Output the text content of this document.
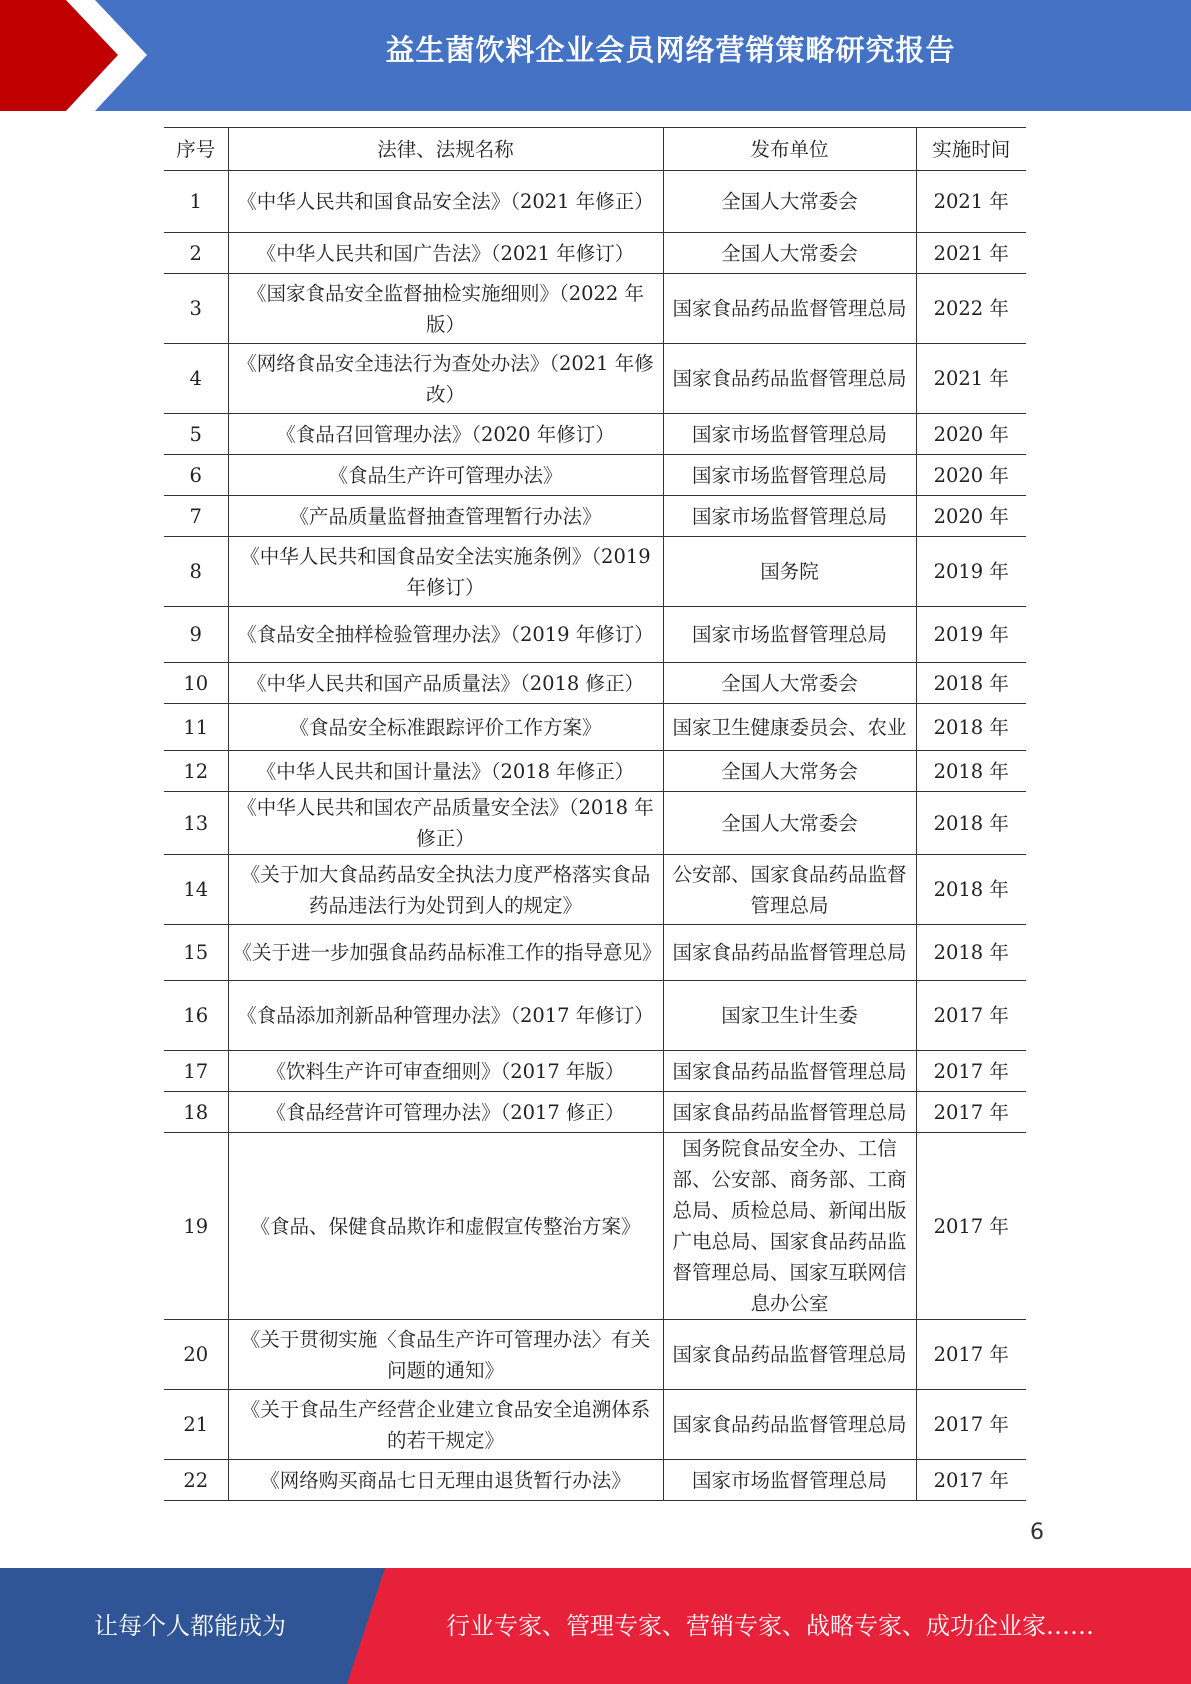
益生菌饮料企业会员网络营销策略研究报告
序号	法律、法规名称	发布单位	实施时间
1	《中华人民共和国食品安全法》（2021 年修正）	全国人大常委会	2021 年
2	《中华人民共和国广告法》（2021 年修订）	全国人大常委会	2021 年
3	《国家食品安全监督抽检实施细则》（2022 年版）	国家食品药品监督管理总局	2022 年
4	《网络食品安全违法行为查处办法》（2021 年修改）	国家食品药品监督管理总局	2021 年
5	《食品召回管理办法》（2020 年修订）	国家市场监督管理总局	2020 年
6	《食品生产许可管理办法》	国家市场监督管理总局	2020 年
7	《产品质量监督抽查管理暂行办法》	国家市场监督管理总局	2020 年
8	《中华人民共和国食品安全法实施条例》（2019 年修订）	国务院	2019 年
9	《食品安全抽样检验管理办法》（2019 年修订）	国家市场监督管理总局	2019 年
10	《中华人民共和国产品质量法》（2018 修正）	全国人大常委会	2018 年
11	《食品安全标准跟踪评价工作方案》	国家卫生健康委员会、农业	2018 年
12	《中华人民共和国计量法》（2018 年修正）	全国人大常务会	2018 年
13	《中华人民共和国农产品质量安全法》（2018 年修正）	全国人大常委会	2018 年
14	《关于加大食品药品安全执法力度严格落实食品药品违法行为处罚到人的规定》	公安部、国家食品药品监督管理总局	2018 年
15	《关于进一步加强食品药品标准工作的指导意见》	国家食品药品监督管理总局	2018 年
16	《食品添加剂新品种管理办法》（2017 年修订）	国家卫生计生委	2017 年
17	《饮料生产许可审查细则》（2017 年版）	国家食品药品监督管理总局	2017 年
18	《食品经营许可管理办法》（2017 修正）	国家食品药品监督管理总局	2017 年
19	《食品、保健食品欺诈和虚假宣传整治方案》	国务院食品安全办、工信部、公安部、商务部、工商总局、质检总局、新闻出版广电总局、国家食品药品监督管理总局、国家互联网信息办公室	2017 年
20	《关于贯彻实施〈食品生产许可管理办法〉有关问题的通知》	国家食品药品监督管理总局	2017 年
21	《关于食品生产经营企业建立食品安全追溯体系的若干规定》	国家食品药品监督管理总局	2017 年
22	《网络购买商品七日无理由退货暂行办法》	国家市场监督管理总局	2017 年
6
让每个人都能成为	行业专家、管理专家、营销专家、战略专家、成功企业家……
